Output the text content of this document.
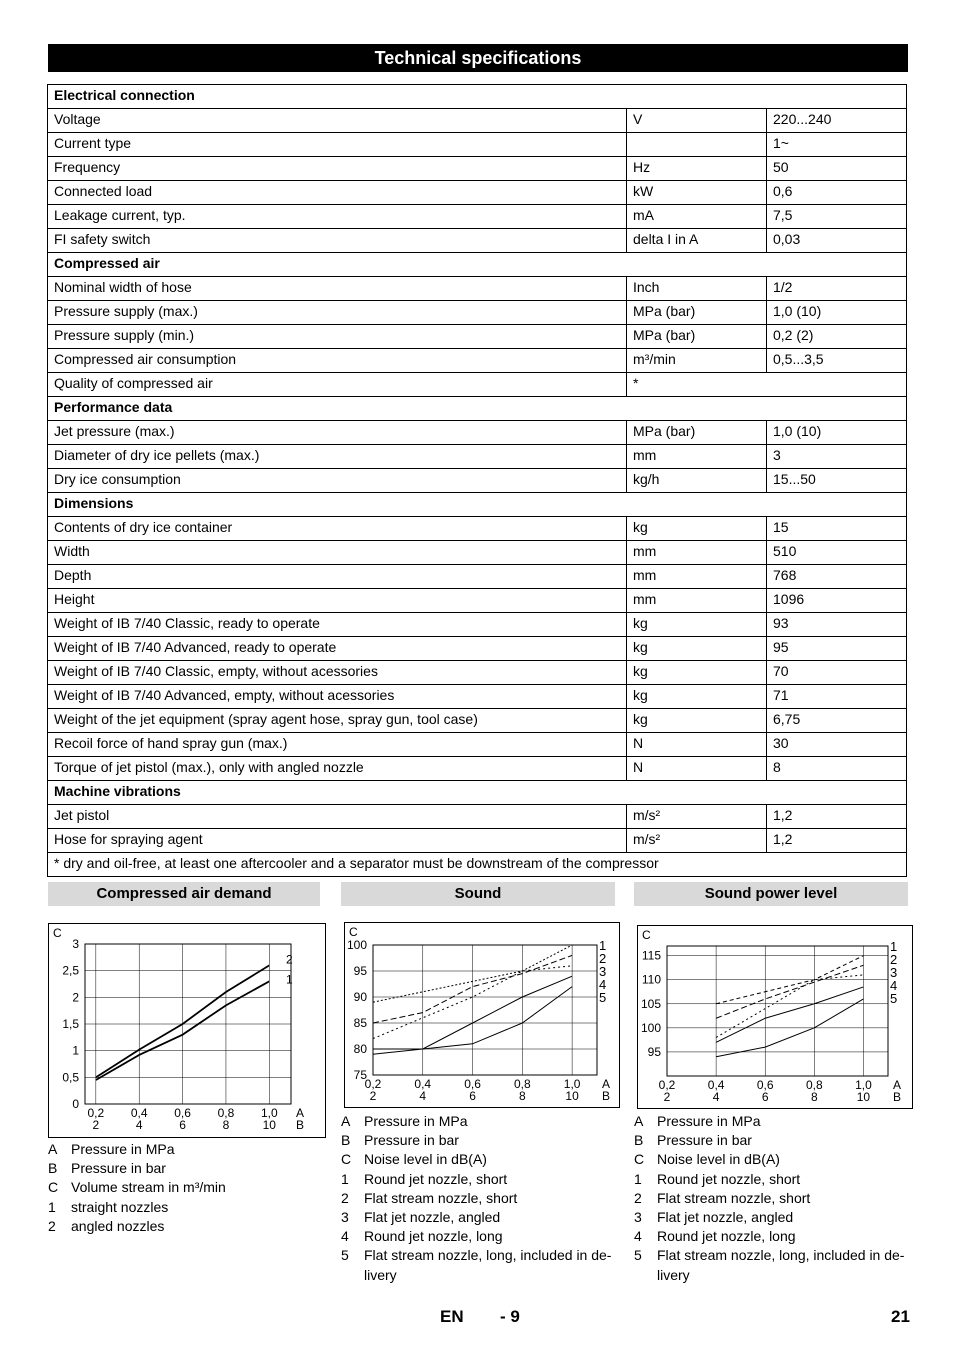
Technical specifications
Electrical connection		
Voltage	V	220...240
Current type		1~
Frequency	Hz	50
Connected load	kW	0,6
Leakage current, typ.	mA	7,5
FI safety switch	delta I in A	0,03
Compressed air		
Nominal width of hose	Inch	1/2
Pressure supply (max.)	MPa (bar)	1,0 (10)
Pressure supply (min.)	MPa (bar)	0,2 (2)
Compressed air consumption	m³/min	0,5...3,5
Quality of compressed air	*	
Performance data		
Jet pressure (max.)	MPa (bar)	1,0 (10)
Diameter of dry ice pellets (max.)	mm	3
Dry ice consumption	kg/h	15...50
Dimensions		
Contents of dry ice container	kg	15
Width	mm	510
Depth	mm	768
Height	mm	1096
Weight of IB 7/40 Classic, ready to operate	kg	93
Weight of IB 7/40 Advanced, ready to operate	kg	95
Weight of IB 7/40 Classic, empty, without acessories	kg	70
Weight of IB 7/40 Advanced, empty, without acessories	kg	71
Weight of the jet equipment (spray agent hose, spray gun, tool case)	kg	6,75
Recoil force of hand spray gun (max.)	N	30
Torque of jet pistol (max.), only with angled nozzle	N	8
Machine vibrations		
Jet pistol	m/s²	1,2
Hose for spraying agent	m/s²	1,2
* dry and oil-free, at least one aftercooler and a separator must be downstream of the compressor		
Compressed air demand	Sound	Sound power level
0
0,5
1
1,5
2
2,5
3
0,2
2
0,4
4
0,6
6
0,8
8
1,0
10
C
A
B
2
1
75
80
85
90
95
100
0,2
2
0,4
4
0,6
6
0,8
8
1,0
10
C
A
B
1
2
3
4
5
95
100
105
110
115
0,2
2
0,4
4
0,6
6
0,8
8
1,0
10
C
A
B
1
2
3
4
5
A Pressure in MPa
B Pressure in bar
C Volume stream in m³/min
1	straight nozzles
2	angled nozzles
A Pressure in MPa
B Pressure in bar
C Noise level in dB(A)
1	Round jet nozzle, short
2	Flat stream nozzle, short
3	Flat jet nozzle, angled
4	Round jet nozzle, long
5	Flat stream nozzle, long, included in de-livery
A Pressure in MPa
B Pressure in bar
C Noise level in dB(A)
1	Round jet nozzle, short
2	Flat stream nozzle, short
3	Flat jet nozzle, angled
4	Round jet nozzle, long
5	Flat stream nozzle, long, included in de-livery
EN - 9	21
